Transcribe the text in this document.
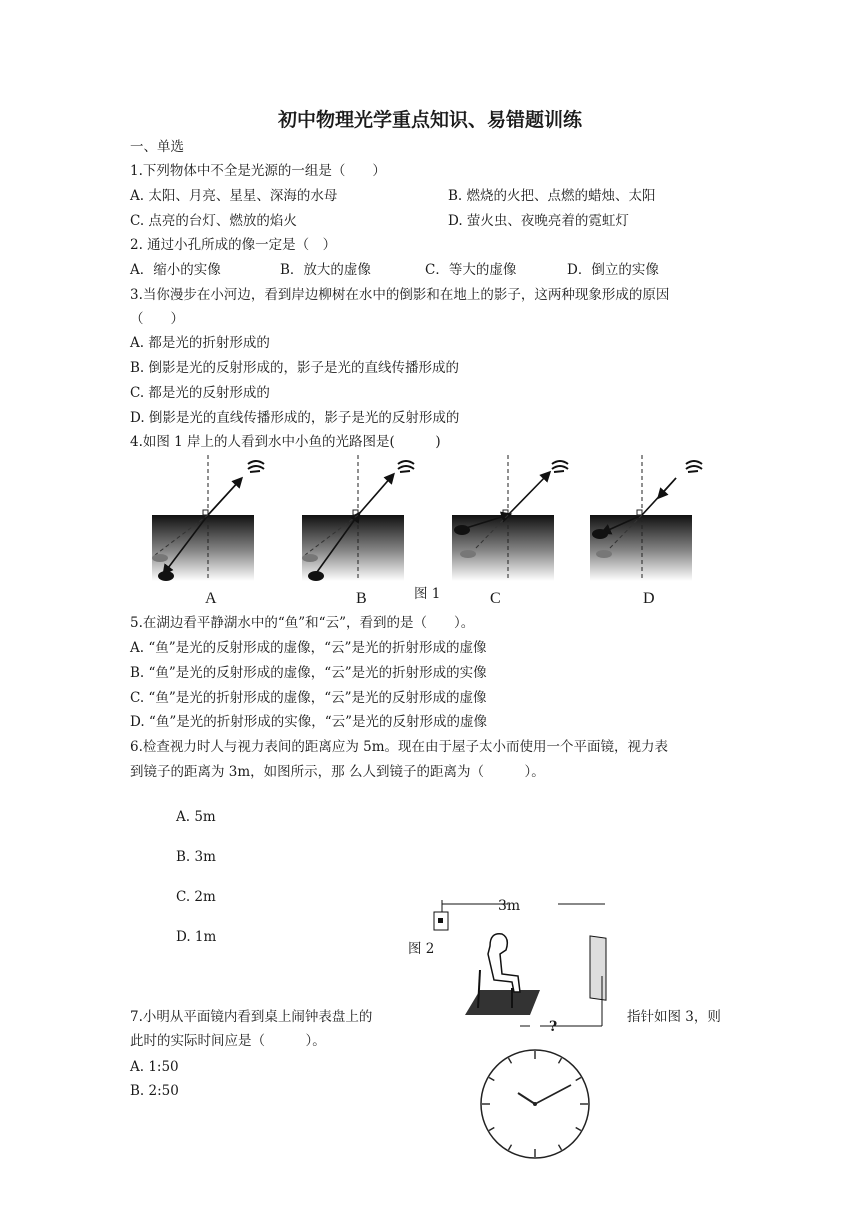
初中物理光学重点知识、易错题训练
一、单选
1.下列物体中不全是光源的一组是（　　）
A. 太阳、月亮、星星、深海的水母	B. 燃烧的火把、点燃的蜡烛、太阳
C. 点亮的台灯、燃放的焰火	D. 萤火虫、夜晚亮着的霓虹灯
2. 通过小孔所成的像一定是（　）
A．缩小的实像	B．放大的虚像	C．等大的虚像	D．倒立的实像
3.当你漫步在小河边，看到岸边柳树在水中的倒影和在地上的影子，这两种现象形成的原因
（　　）
A. 都是光的折射形成的
B. 倒影是光的反射形成的，影子是光的直线传播形成的
C. 都是光的反射形成的
D. 倒影是光的直线传播形成的，影子是光的反射形成的
4.如图 1 岸上的人看到水中小鱼的光路图是(　　　)
A	B	图 1	C	D
5.在湖边看平静湖水中的“鱼”和“云”，看到的是（　　）。
A. “鱼”是光的反射形成的虚像，“云”是光的折射形成的虚像
B. “鱼”是光的反射形成的虚像，“云”是光的折射形成的实像
C. “鱼”是光的折射形成的虚像，“云”是光的反射形成的虚像
D. “鱼”是光的折射形成的实像，“云”是光的反射形成的虚像
6.检查视力时人与视力表间的距离应为 5m。现在由于屋子太小而使用一个平面镜，视力表
到镜子的距离为 3m，如图所示，那 么人到镜子的距离为（　　　）。
A. 5m
B. 3m
C. 2m
D. 1m
3m
?
图 2
7.小明从平面镜内看到桌上闹钟表盘上的	指针如图 3，则
此时的实际时间应是（　　　）。
A. 1:50
B. 2:50
